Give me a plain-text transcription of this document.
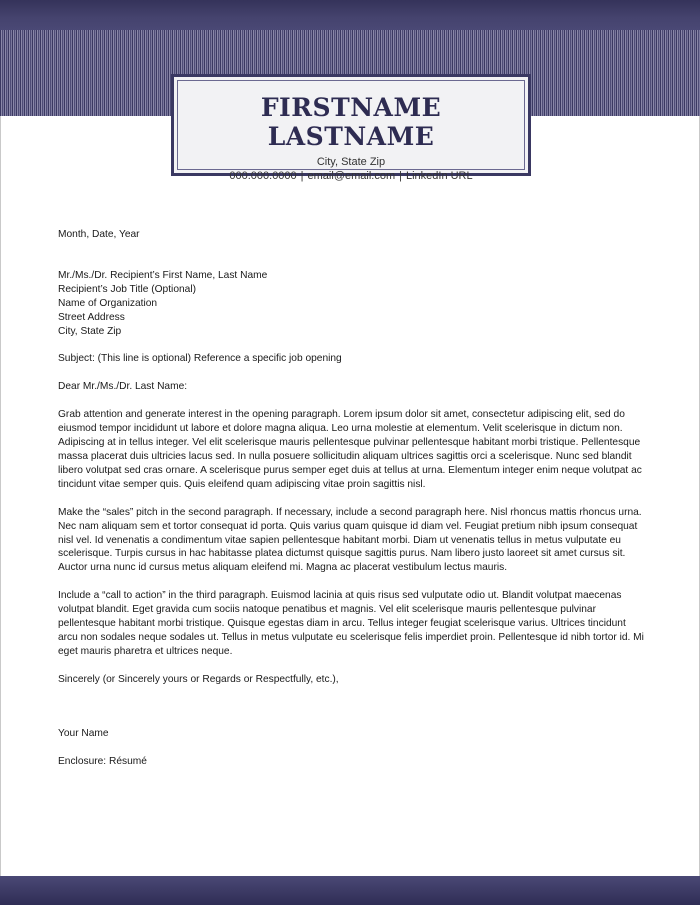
FIRSTNAME LASTNAME
City, State Zip
000.000.0000 | email@email.com | LinkedIn URL

Month, Date, Year

Mr./Ms./Dr. Recipient’s First Name, Last Name
Recipient’s Job Title (Optional)
Name of Organization
Street Address
City, State Zip

Subject: (This line is optional) Reference a specific job opening

Dear Mr./Ms./Dr. Last Name:

Grab attention and generate interest in the opening paragraph. Lorem ipsum dolor sit amet, consectetur adipiscing elit, sed do eiusmod tempor incididunt ut labore et dolore magna aliqua. Leo urna molestie at elementum. Velit scelerisque in dictum non. Adipiscing at in tellus integer. Vel elit scelerisque mauris pellentesque pulvinar pellentesque habitant morbi tristique. Pellentesque massa placerat duis ultricies lacus sed. In nulla posuere sollicitudin aliquam ultrices sagittis orci a scelerisque. Nunc sed blandit libero volutpat sed cras ornare. A scelerisque purus semper eget duis at tellus at urna. Elementum integer enim neque volutpat ac tincidunt vitae semper quis. Quis eleifend quam adipiscing vitae proin sagittis nisl.

Make the “sales” pitch in the second paragraph. If necessary, include a second paragraph here. Nisl rhoncus mattis rhoncus urna. Nec nam aliquam sem et tortor consequat id porta. Quis varius quam quisque id diam vel. Feugiat pretium nibh ipsum consequat nisl vel. Id venenatis a condimentum vitae sapien pellentesque habitant morbi. Diam ut venenatis tellus in metus vulputate eu scelerisque. Turpis cursus in hac habitasse platea dictumst quisque sagittis purus. Nam libero justo laoreet sit amet cursus sit. Auctor urna nunc id cursus metus aliquam eleifend mi. Magna ac placerat vestibulum lectus mauris.

Include a “call to action” in the third paragraph. Euismod lacinia at quis risus sed vulputate odio ut. Blandit volutpat maecenas volutpat blandit. Eget gravida cum sociis natoque penatibus et magnis. Vel elit scelerisque mauris pellentesque pulvinar pellentesque habitant morbi tristique. Quisque egestas diam in arcu. Tellus integer feugiat scelerisque varius. Ultrices tincidunt arcu non sodales neque sodales ut. Tellus in metus vulputate eu scelerisque felis imperdiet proin. Pellentesque id nibh tortor id. Mi eget mauris pharetra et ultrices neque.

Sincerely (or Sincerely yours or Regards or Respectfully, etc.),

Your Name

Enclosure: Résumé
